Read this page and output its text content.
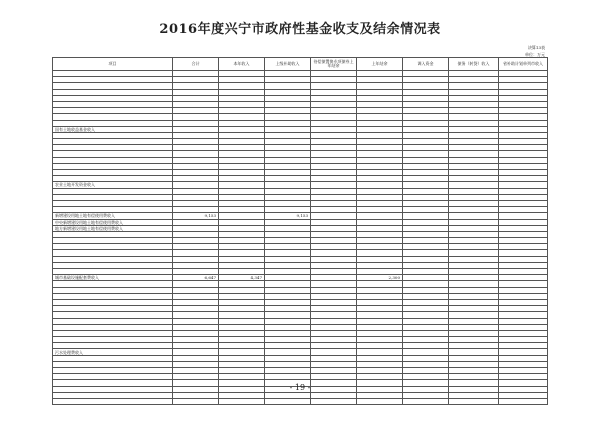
2016年度兴宁市政府性基金收支及结余情况表
决算13表
单位：万元
项目	合计	本年收入	上级补助收入	待偿债置换专项债券上年结余	上年结余	调入资金	债务（转贷）收入	省补助计划单列市收入

国有土地收益基金收入								

农业土地开发资金收入								

新增建设用地土地有偿使用费收入	9,153		9,153					
中央新增建设用地土地有偿使用费收入								
地方新增建设用地土地有偿使用费收入								

城市基础设施配套费收入	6,647	4,347			2,300			

污水处理费收入								

- 19 -
